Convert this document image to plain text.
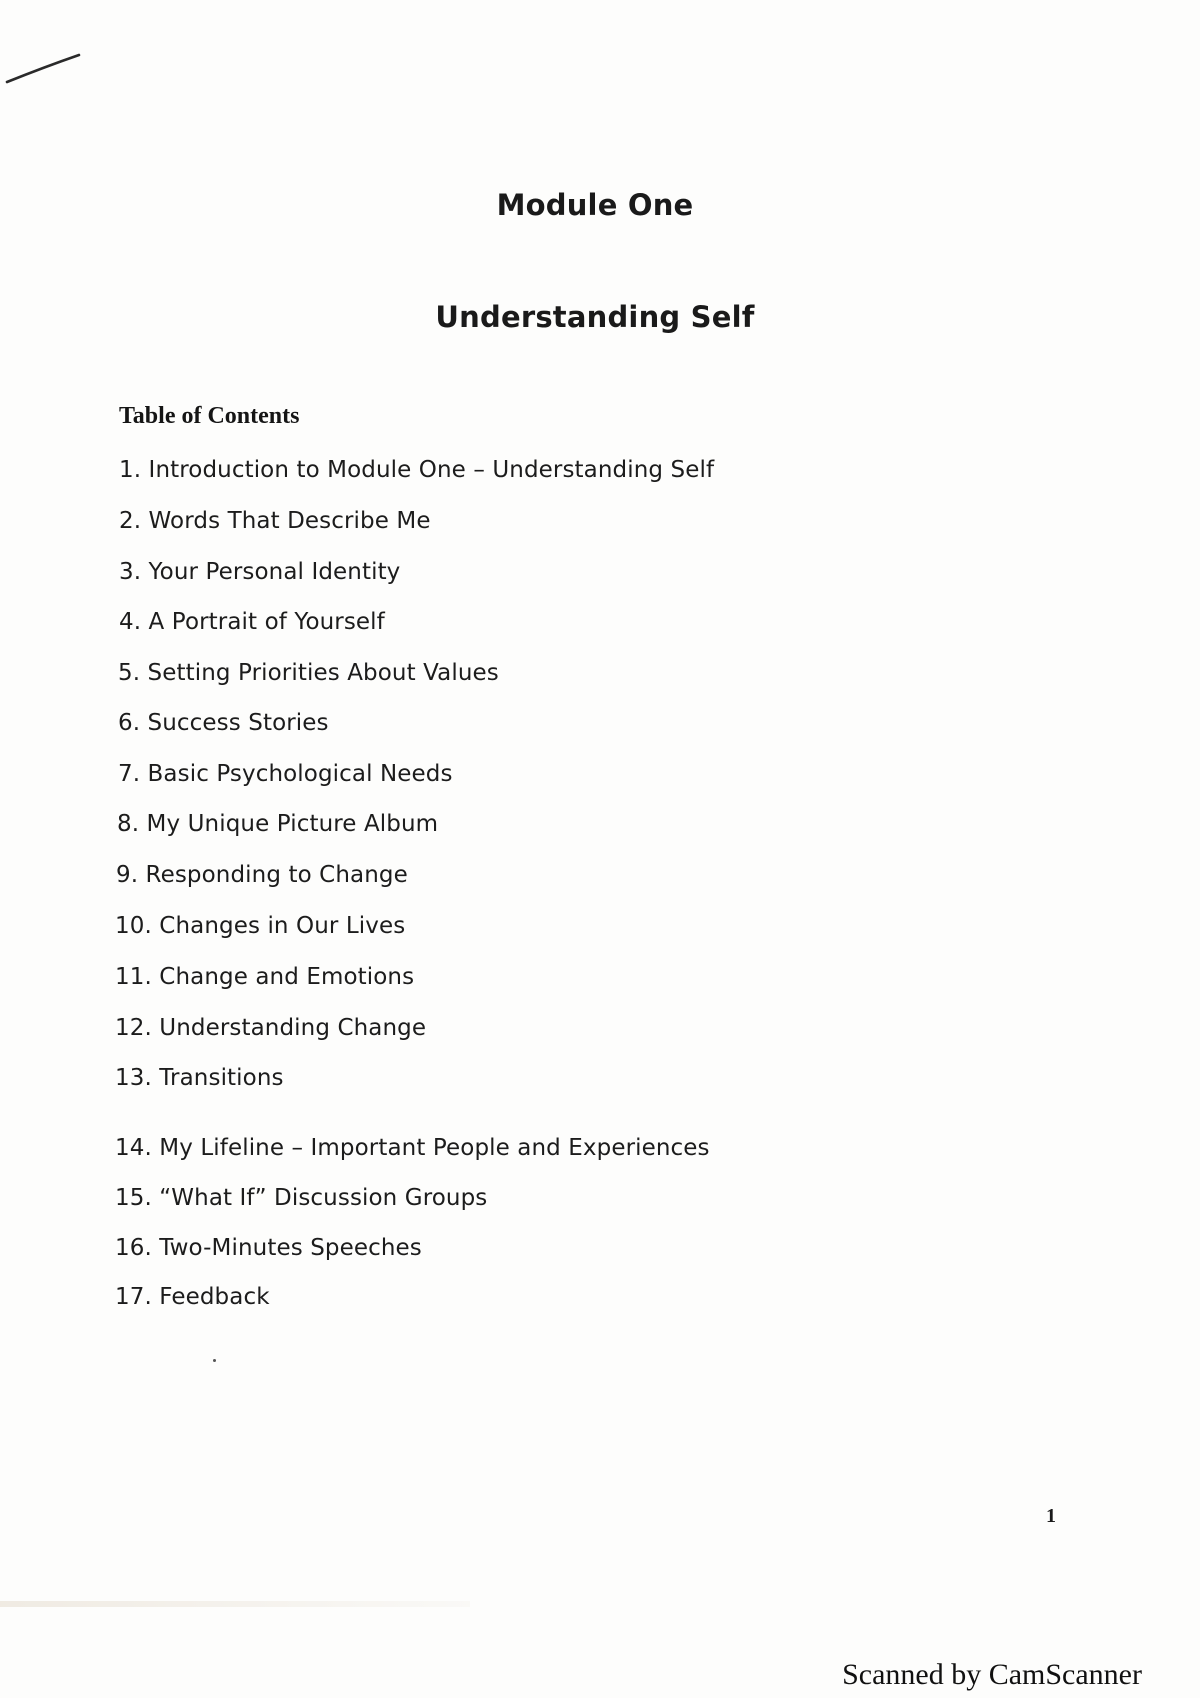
Module One
Understanding Self
Table of Contents
1. Introduction to Module One – Understanding Self
2. Words That Describe Me
3. Your Personal Identity
4. A Portrait of Yourself
5. Setting Priorities About Values
6. Success Stories
7. Basic Psychological Needs
8. My Unique Picture Album
9. Responding to Change
10. Changes in Our Lives
11. Change and Emotions
12. Understanding Change
13. Transitions
14. My Lifeline – Important People and Experiences
15. “What If” Discussion Groups
16. Two-Minutes Speeches
17. Feedback
1
Scanned by CamScanner
